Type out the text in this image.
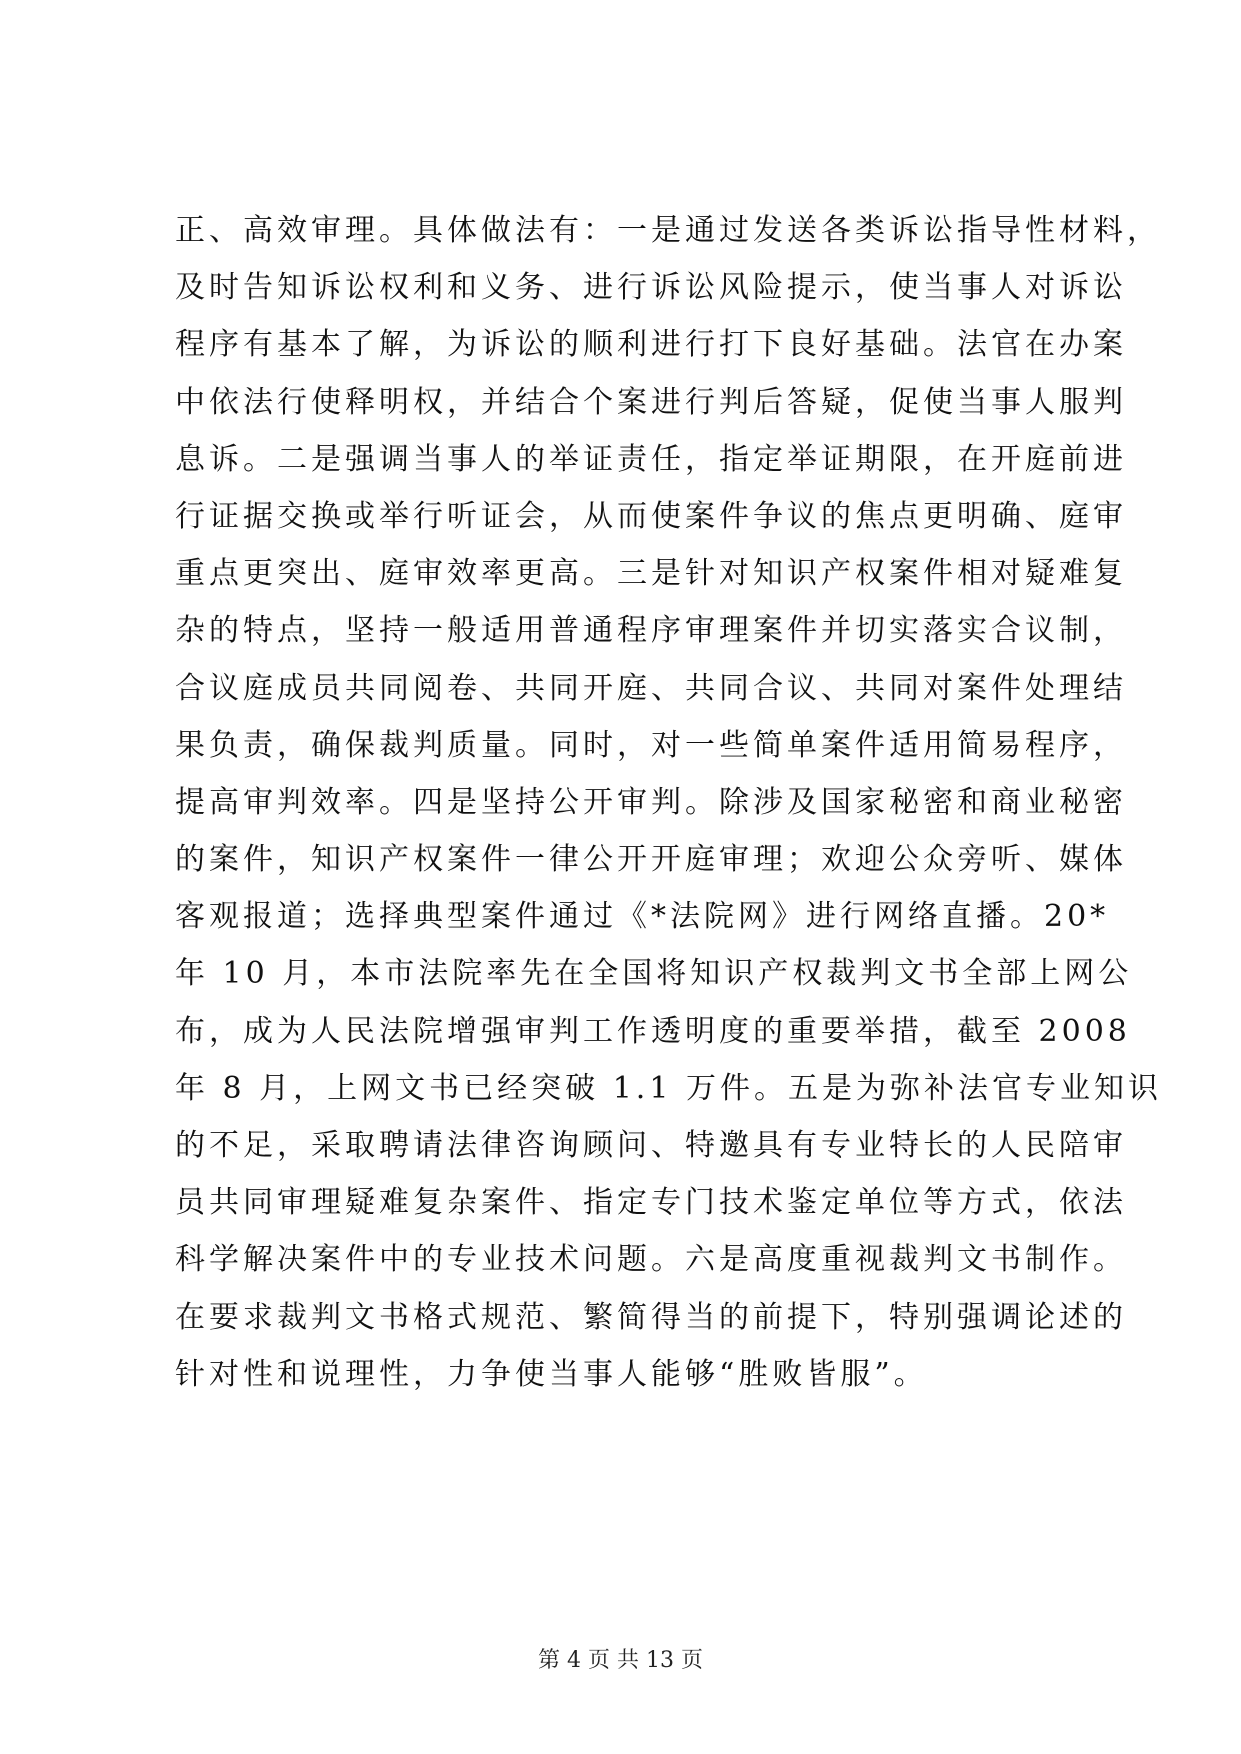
正、高效审理。具体做法有：一是通过发送各类诉讼指导性材料，
及时告知诉讼权利和义务、进行诉讼风险提示，使当事人对诉讼
程序有基本了解，为诉讼的顺利进行打下良好基础。法官在办案
中依法行使释明权，并结合个案进行判后答疑，促使当事人服判
息诉。二是强调当事人的举证责任，指定举证期限，在开庭前进
行证据交换或举行听证会，从而使案件争议的焦点更明确、庭审
重点更突出、庭审效率更高。三是针对知识产权案件相对疑难复
杂的特点，坚持一般适用普通程序审理案件并切实落实合议制，
合议庭成员共同阅卷、共同开庭、共同合议、共同对案件处理结
果负责，确保裁判质量。同时，对一些简单案件适用简易程序，
提高审判效率。四是坚持公开审判。除涉及国家秘密和商业秘密
的案件，知识产权案件一律公开开庭审理；欢迎公众旁听、媒体
客观报道；选择典型案件通过《*法院网》进行网络直播。20*
年 10 月，本市法院率先在全国将知识产权裁判文书全部上网公
布，成为人民法院增强审判工作透明度的重要举措，截至 2008
年 8 月，上网文书已经突破 1.1 万件。五是为弥补法官专业知识
的不足，采取聘请法律咨询顾问、特邀具有专业特长的人民陪审
员共同审理疑难复杂案件、指定专门技术鉴定单位等方式，依法
科学解决案件中的专业技术问题。六是高度重视裁判文书制作。
在要求裁判文书格式规范、繁简得当的前提下，特别强调论述的
针对性和说理性，力争使当事人能够“胜败皆服”。
第 4 页 共 13 页
